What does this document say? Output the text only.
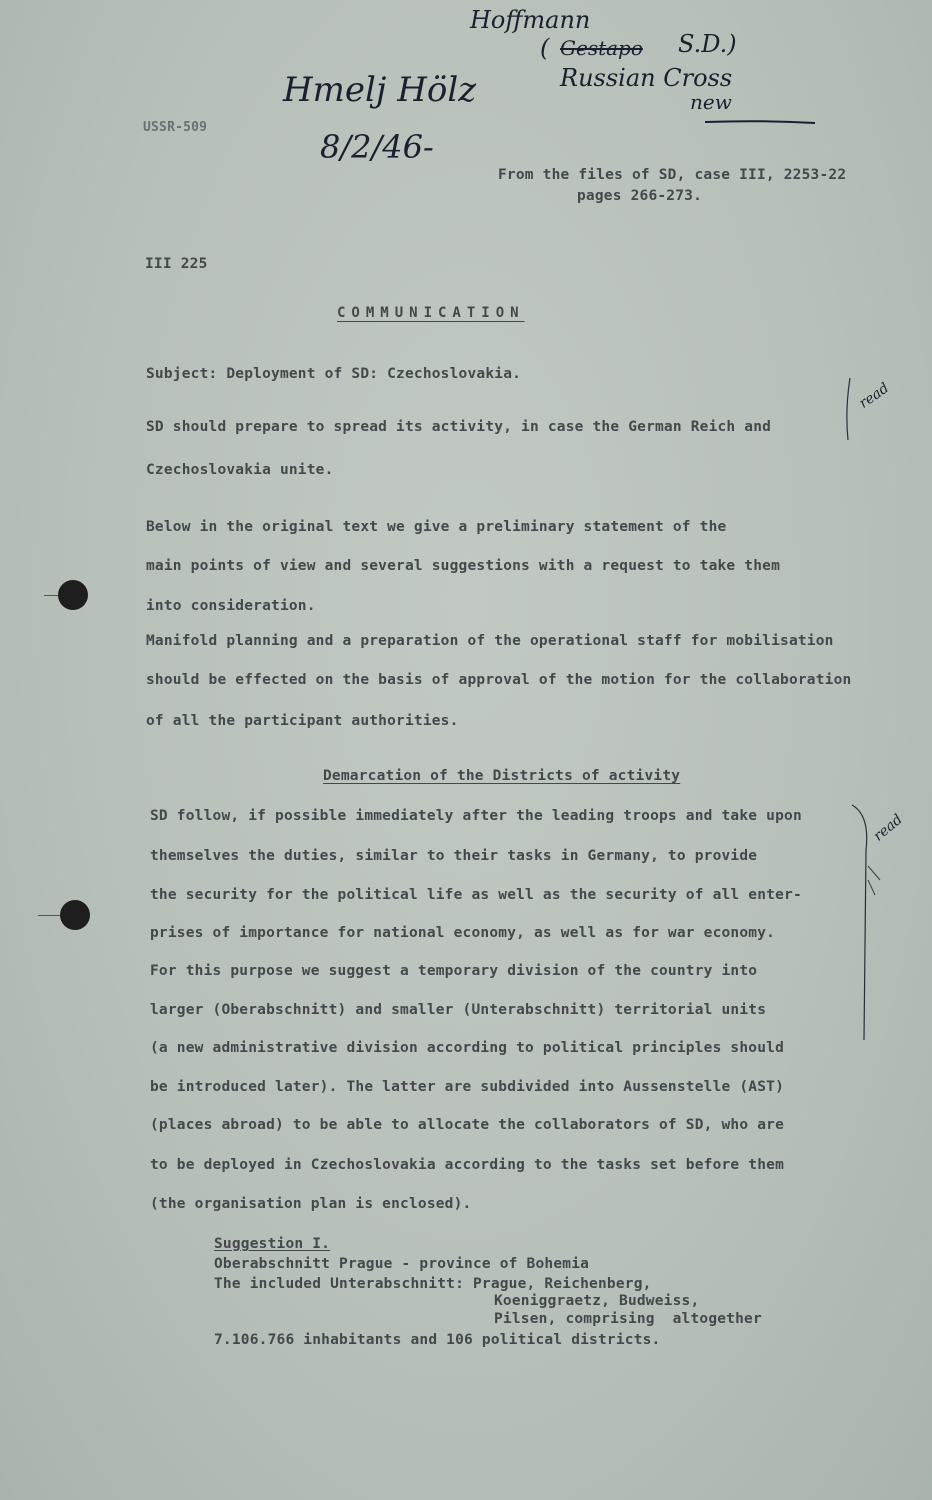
Hoffmann
( Gestapo S.D.)
Russian Cross
new
Hmelj Hölz
8/2/46-
read
read
USSR-509
From the files of SD, case III, 2253-22
pages 266-273.
III 225
COMMUNICATION
Subject: Deployment of SD: Czechoslovakia.
SD should prepare to spread its activity, in case the German Reich and
Czechoslovakia unite.
Below in the original text we give a preliminary statement of the
main points of view and several suggestions with a request to take them
into consideration.
Manifold planning and a preparation of the operational staff for mobilisation
should be effected on the basis of approval of the motion for the collaboration
of all the participant authorities.
Demarcation of the Districts of activity
SD follow, if possible immediately after the leading troops and take upon
themselves the duties, similar to their tasks in Germany, to provide
the security for the political life as well as the security of all enter-
prises of importance for national economy, as well as for war economy.
For this purpose we suggest a temporary division of the country into
larger (Oberabschnitt) and smaller (Unterabschnitt) territorial units
(a new administrative division according to political principles should
be introduced later). The latter are subdivided into Aussenstelle (AST)
(places abroad) to be able to allocate the collaborators of SD, who are
to be deployed in Czechoslovakia according to the tasks set before them
(the organisation plan is enclosed).
Suggestion I.
Oberabschnitt Prague - province of Bohemia
The included Unterabschnitt: Prague, Reichenberg,
Koeniggraetz, Budweiss,
Pilsen, comprising  altogether
7.106.766 inhabitants and 106 political districts.
